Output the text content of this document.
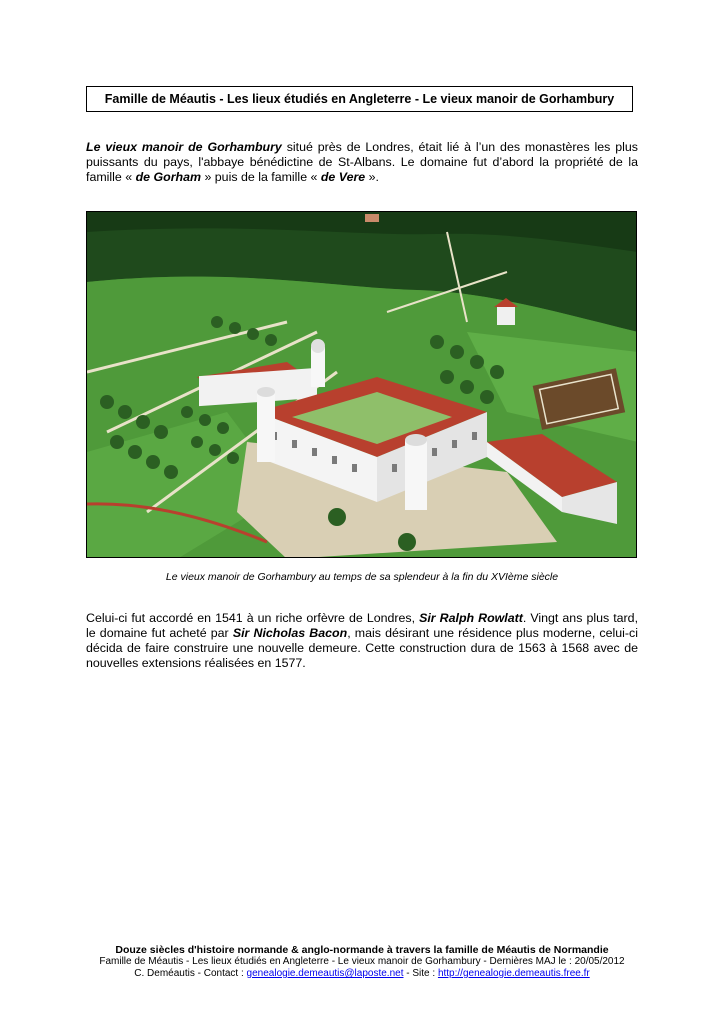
Famille de Méautis - Les lieux étudiés en Angleterre - Le vieux manoir de Gorhambury

Le vieux manoir de Gorhambury situé près de Londres, était lié à l’un des monastères les plus puissants du pays, l'abbaye bénédictine de St-Albans. Le domaine fut d’abord la propriété de la famille « de Gorham » puis de la famille « de Vere ».

Le vieux manoir de Gorhambury au temps de sa splendeur à la fin du XVIème siècle

Celui-ci fut accordé en 1541 à un riche orfèvre de Londres, Sir Ralph Rowlatt. Vingt ans plus tard, le domaine fut acheté par Sir Nicholas Bacon, mais désirant une résidence plus moderne, celui-ci décida de faire construire une nouvelle demeure. Cette construction dura de 1563 à 1568 avec de nouvelles extensions réalisées en 1577.

Douze siècles d'histoire normande & anglo-normande à travers la famille de Méautis de Normandie
Famille de Méautis - Les lieux étudiés en Angleterre - Le vieux manoir de Gorhambury - Dernières MAJ le : 20/05/2012
C. Deméautis - Contact : genealogie.demeautis@laposte.net - Site : http://genealogie.demeautis.free.fr
